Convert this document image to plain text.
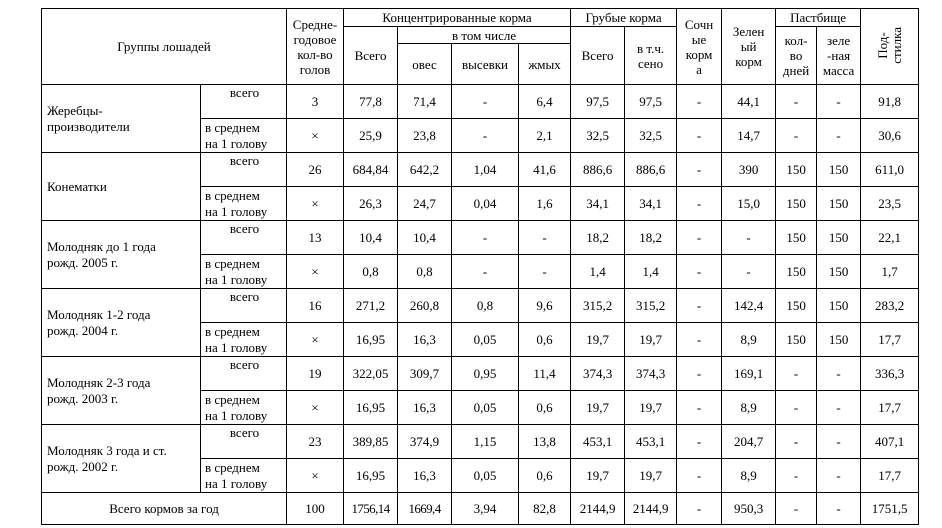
Группы лошадей		Средне-
годовое
кол-во
голов	Концентрированные корма				Грубые корма		Сочн
ые
корм
а	Зелен
ый
корм	Пастбище		Под-
стилка
			Всего	в том числе			Всего	в т.ч.
сено			кол-
во
дней	зеле
-ная
масса	

				овес	высевки	жмых							

Жеребцы-
производители	всего	3	77,8	71,4	-	6,4	97,5	97,5	-	44,1	-	-	91,8

	в среднем
на 1 голову	×	25,9	23,8	-	2,1	32,5	32,5	-	14,7	-	-	30,6

Конематки	всего	26	684,84	642,2	1,04	41,6	886,6	886,6	-	390	150	150	611,0

	в среднем
на 1 голову	×	26,3	24,7	0,04	1,6	34,1	34,1	-	15,0	150	150	23,5

Молодняк до 1 года
рожд. 2005 г.	всего	13	10,4	10,4	-	-	18,2	18,2	-	-	150	150	22,1

	в среднем
на 1 голову	×	0,8	0,8	-	-	1,4	1,4	-	-	150	150	1,7

Молодняк 1-2 года
рожд. 2004 г.	всего	16	271,2	260,8	0,8	9,6	315,2	315,2	-	142,4	150	150	283,2

	в среднем
на 1 голову	×	16,95	16,3	0,05	0,6	19,7	19,7	-	8,9	150	150	17,7

Молодняк 2-3 года
рожд. 2003 г.	всего	19	322,05	309,7	0,95	11,4	374,3	374,3	-	169,1	-	-	336,3

	в среднем
на 1 голову	×	16,95	16,3	0,05	0,6	19,7	19,7	-	8,9	-	-	17,7

Молодняк 3 года и ст.
рожд. 2002 г.	всего	23	389,85	374,9	1,15	13,8	453,1	453,1	-	204,7	-	-	407,1

	в среднем
на 1 голову	×	16,95	16,3	0,05	0,6	19,7	19,7	-	8,9	-	-	17,7
Всего кормов за год		100	1756,14	1669,4	3,94	82,8	2144,9	2144,9	-	950,3	-	-	1751,5
